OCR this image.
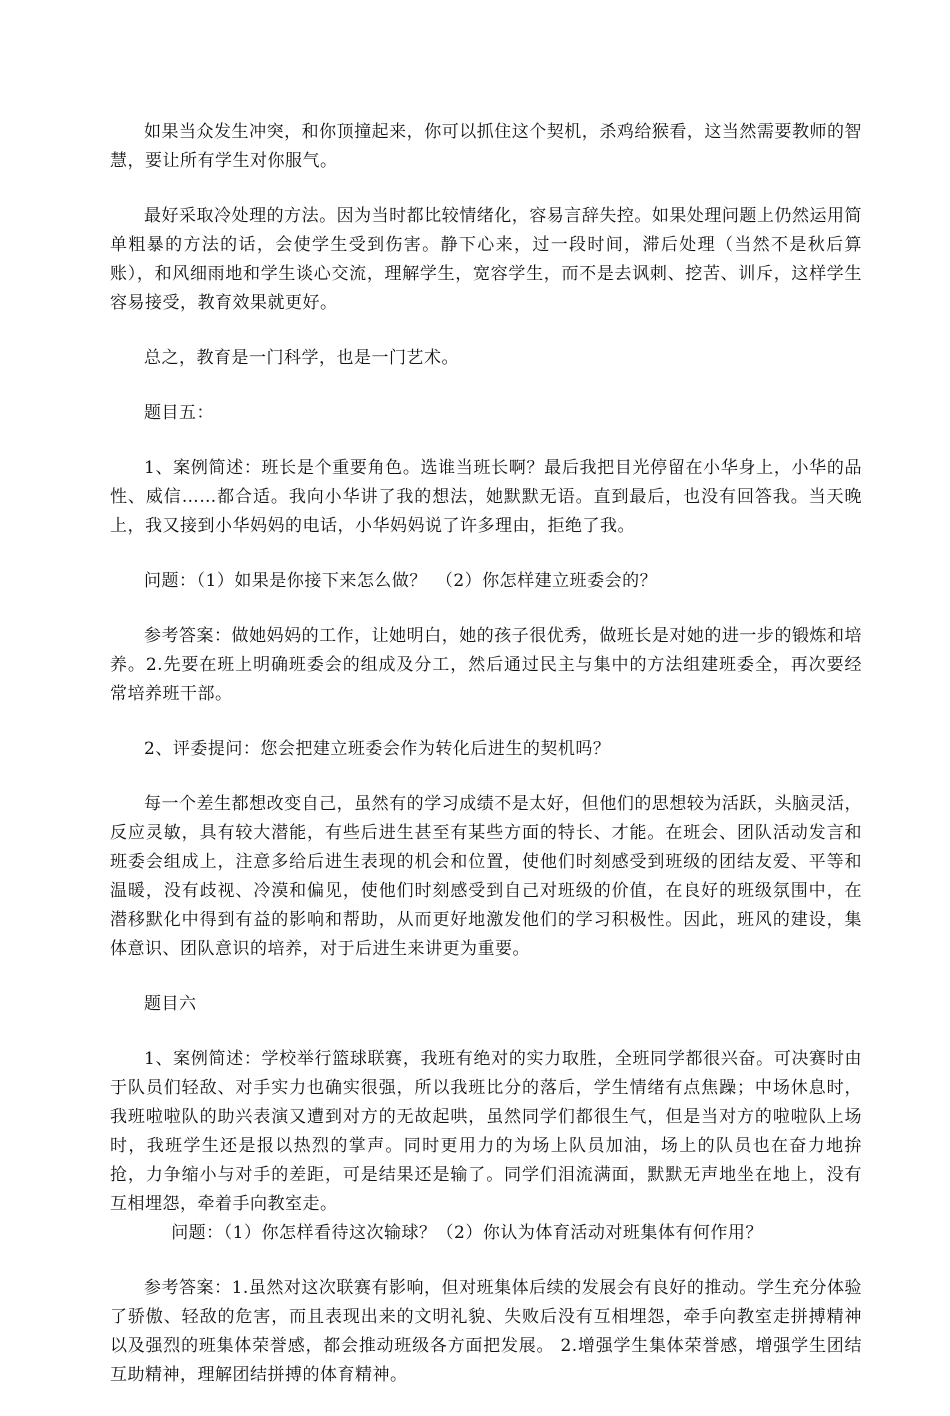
如果当众发生冲突，和你顶撞起来，你可以抓住这个契机，杀鸡给猴看，这当然需要教师的智慧，要让所有学生对你服气。

最好采取冷处理的方法。因为当时都比较情绪化，容易言辞失控。如果处理问题上仍然运用简单粗暴的方法的话，会使学生受到伤害。静下心来，过一段时间，滞后处理（当然不是秋后算账），和风细雨地和学生谈心交流，理解学生，宽容学生，而不是去讽刺、挖苦、训斥，这样学生容易接受，教育效果就更好。

总之，教育是一门科学，也是一门艺术。

题目五：

1、案例简述：班长是个重要角色。选谁当班长啊？最后我把目光停留在小华身上，小华的品性、威信……都合适。我向小华讲了我的想法，她默默无语。直到最后，也没有回答我。当天晚上，我又接到小华妈妈的电话，小华妈妈说了许多理由，拒绝了我。

问题：（1）如果是你接下来怎么做？　（2）你怎样建立班委会的？

参考答案：做她妈妈的工作，让她明白，她的孩子很优秀，做班长是对她的进一步的锻炼和培养。2.先要在班上明确班委会的组成及分工，然后通过民主与集中的方法组建班委全，再次要经常培养班干部。

2、评委提问：您会把建立班委会作为转化后进生的契机吗？

每一个差生都想改变自己，虽然有的学习成绩不是太好，但他们的思想较为活跃，头脑灵活，反应灵敏，具有较大潜能，有些后进生甚至有某些方面的特长、才能。在班会、团队活动发言和班委会组成上，注意多给后进生表现的机会和位置，使他们时刻感受到班级的团结友爱、平等和温暖，没有歧视、冷漠和偏见，使他们时刻感受到自己对班级的价值，在良好的班级氛围中，在潜移默化中得到有益的影响和帮助，从而更好地激发他们的学习积极性。因此，班风的建设，集体意识、团队意识的培养，对于后进生来讲更为重要。

题目六

1、案例简述：学校举行篮球联赛，我班有绝对的实力取胜，全班同学都很兴奋。可决赛时由于队员们轻敌、对手实力也确实很强，所以我班比分的落后，学生情绪有点焦躁；中场休息时，我班啦啦队的助兴表演又遭到对方的无故起哄，虽然同学们都很生气，但是当对方的啦啦队上场时，我班学生还是报以热烈的掌声。同时更用力的为场上队员加油，场上的队员也在奋力地拚抢，力争缩小与对手的差距，可是结果还是输了。同学们泪流满面，默默无声地坐在地上，没有互相埋怨，牵着手向教室走。

问题：（1）你怎样看待这次输球？（2）你认为体育活动对班集体有何作用？

参考答案：1.虽然对这次联赛有影响，但对班集体后续的发展会有良好的推动。学生充分体验了骄傲、轻敌的危害，而且表现出来的文明礼貌、失败后没有互相埋怨，牵手向教室走拼搏精神以及强烈的班集体荣誉感，都会推动班级各方面把发展。 2.增强学生集体荣誉感，增强学生团结互助精神，理解团结拼搏的体育精神。
